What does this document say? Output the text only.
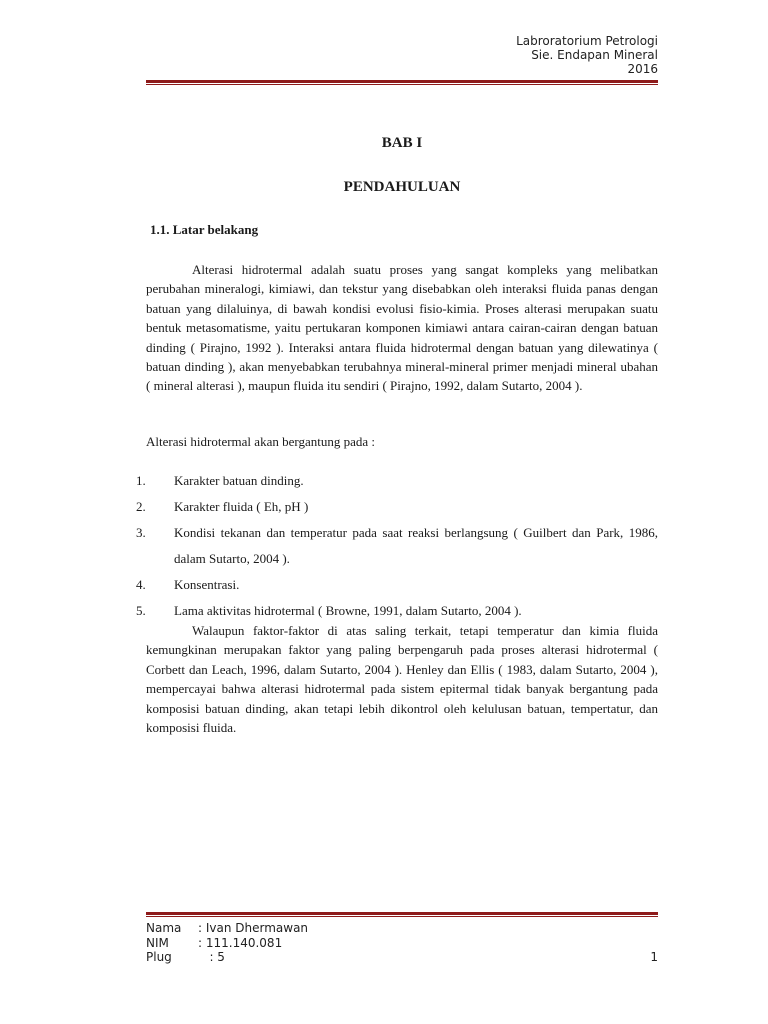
Labroratorium Petrologi
Sie. Endapan Mineral
2016
BAB I
PENDAHULUAN
1.1. Latar belakang

Alterasi hidrotermal adalah suatu proses yang sangat kompleks yang melibatkan perubahan mineralogi, kimiawi, dan tekstur yang disebabkan oleh interaksi fluida panas dengan batuan yang dilaluinya, di bawah kondisi evolusi fisio-kimia. Proses alterasi merupakan suatu bentuk metasomatisme, yaitu pertukaran komponen kimiawi antara cairan-cairan dengan batuan dinding ( Pirajno, 1992 ). Interaksi antara fluida hidrotermal dengan batuan yang dilewatinya ( batuan dinding ), akan menyebabkan terubahnya mineral-mineral primer menjadi mineral ubahan ( mineral alterasi ), maupun fluida itu sendiri ( Pirajno, 1992, dalam Sutarto, 2004 ).

Alterasi hidrotermal akan bergantung pada :
1.	Karakter batuan dinding.
2.	Karakter fluida ( Eh, pH )
3.	Kondisi tekanan dan temperatur pada saat reaksi berlangsung ( Guilbert dan Park, 1986, dalam Sutarto, 2004 ).
4.	Konsentrasi.
5.	Lama aktivitas hidrotermal ( Browne, 1991, dalam Sutarto, 2004 ).

Walaupun faktor-faktor di atas saling terkait, tetapi temperatur dan kimia fluida kemungkinan merupakan faktor yang paling berpengaruh pada proses alterasi hidrotermal ( Corbett dan Leach, 1996, dalam Sutarto, 2004 ). Henley dan Ellis ( 1983, dalam Sutarto, 2004 ), mempercayai bahwa alterasi hidrotermal pada sistem epitermal tidak banyak bergantung pada komposisi batuan dinding, akan tetapi lebih dikontrol oleh kelulusan batuan, tempertatur, dan komposisi fluida.

Nama	: Ivan Dhermawan
NIM	: 111.140.081
Plug	: 5	1
